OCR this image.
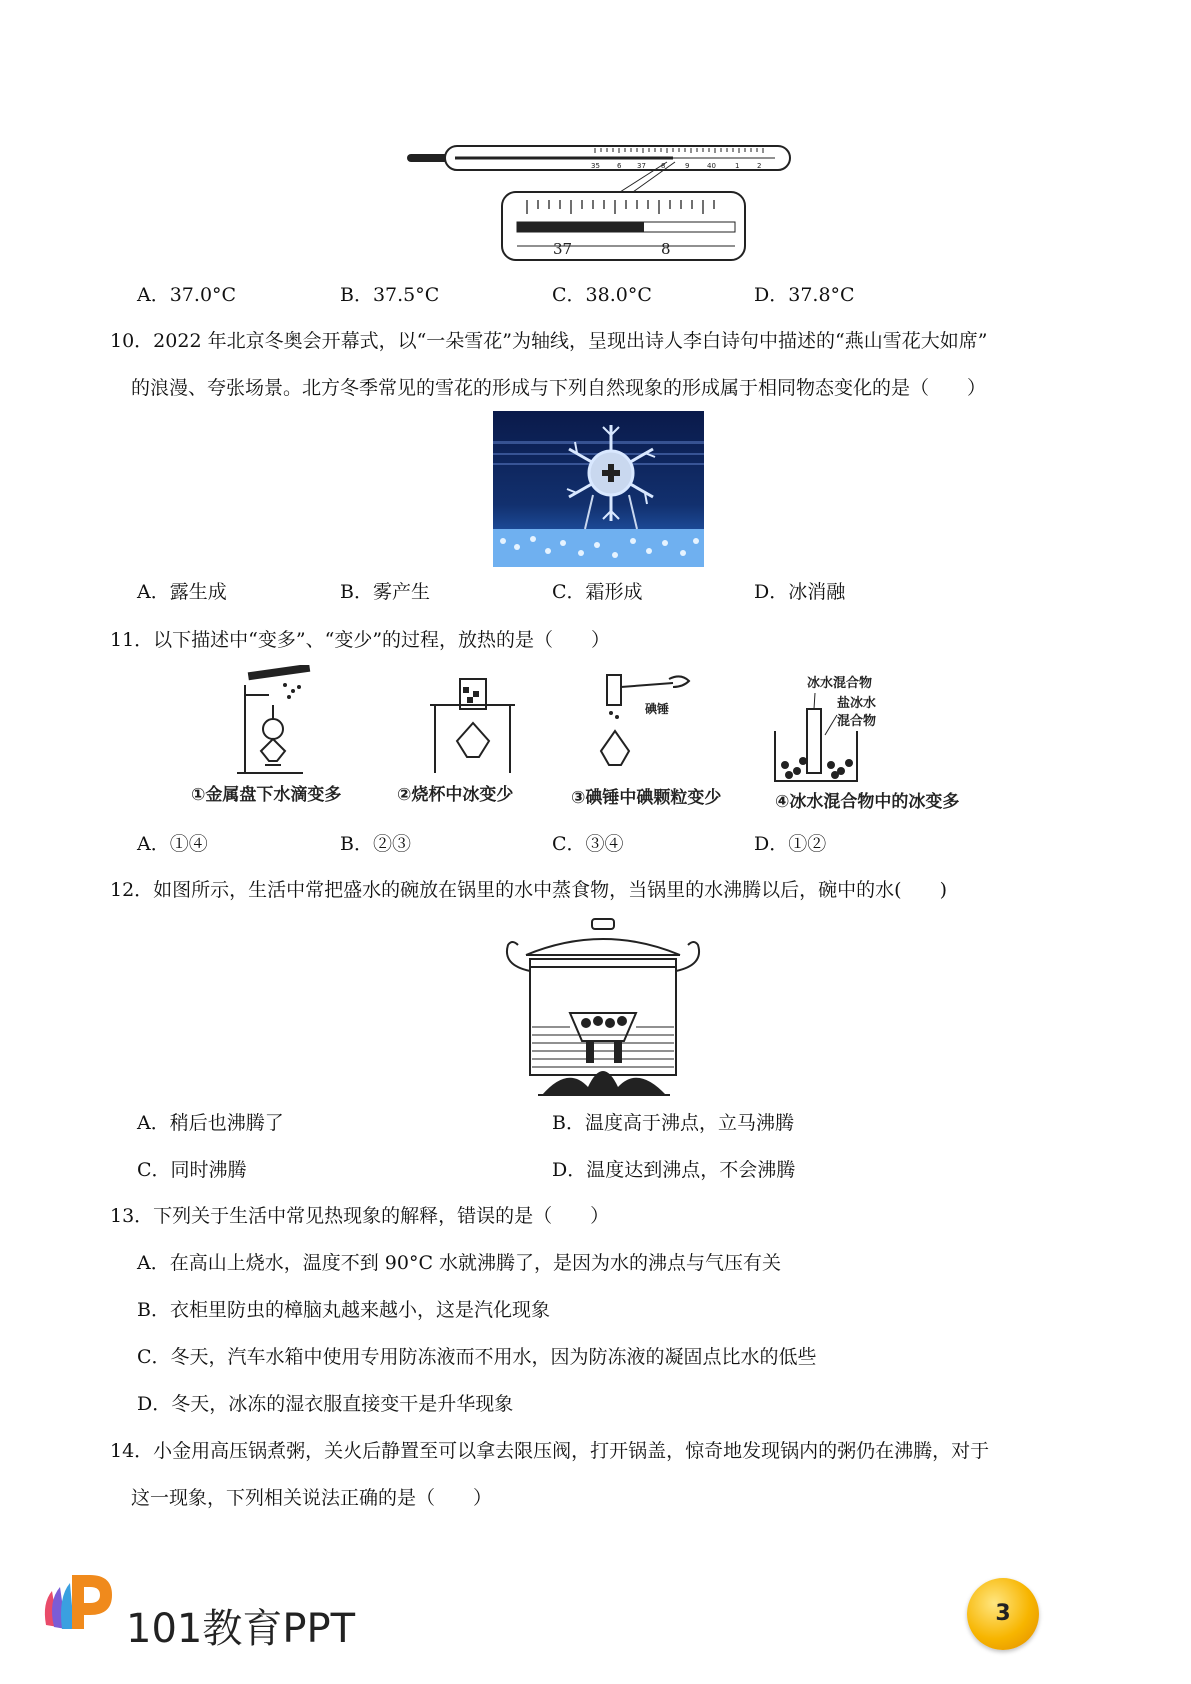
35 6 37 8	9	40	1	2
37	8
A．37.0°C	B．37.5°C	C．38.0°C	D．37.8°C
10．2022 年北京冬奥会开幕式，以“一朵雪花”为轴线，呈现出诗人李白诗句中描述的“燕山雪花大如席”
的浪漫、夸张场景。北方冬季常见的雪花的形成与下列自然现象的形成属于相同物态变化的是（　　）
A．露生成	B．雾产生	C．霜形成	D．冰消融
11．以下描述中“变多”、“变少”的过程，放热的是（　　）
①金属盘下水滴变多	②烧杯中冰变少
碘锤
③碘锤中碘颗粒变少
冰水混合物
盐冰水
混合物
④冰水混合物中的冰变多
A．①④	B．②③	C．③④	D．①②
12．如图所示，生活中常把盛水的碗放在锅里的水中蒸食物，当锅里的水沸腾以后，碗中的水(　　)
A．稍后也沸腾了	B．温度高于沸点，立马沸腾
C．同时沸腾	D．温度达到沸点，不会沸腾
13．下列关于生活中常见热现象的解释，错误的是（　　）
A．在高山上烧水，温度不到 90°C 水就沸腾了，是因为水的沸点与气压有关
B．衣柜里防虫的樟脑丸越来越小，这是汽化现象
C．冬天，汽车水箱中使用专用防冻液而不用水，因为防冻液的凝固点比水的低些
D．冬天，冰冻的湿衣服直接变干是升华现象
14．小金用高压锅煮粥，关火后静置至可以拿去限压阀，打开锅盖，惊奇地发现锅内的粥仍在沸腾，对于
这一现象，下列相关说法正确的是（　　）
101教育PPT	3
